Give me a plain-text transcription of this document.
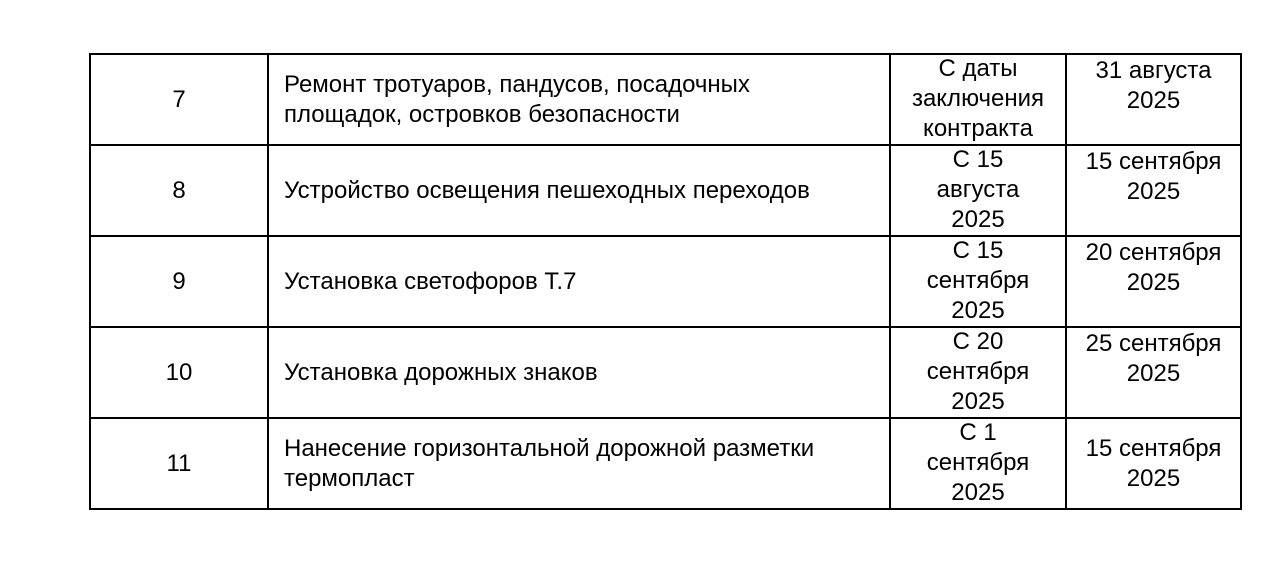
7	Ремонт тротуаров, пандусов, посадочных
площадок, островков безопасности	С даты
заключения
контракта	31 августа
2025

8	Устройство освещения пешеходных переходов	С 15
августа
2025	15 сентября
2025

9	Установка светофоров Т.7	С 15
сентября
2025	20 сентября
2025

10	Установка дорожных знаков	С 20
сентября
2025	25 сентября
2025

11	Нанесение горизонтальной дорожной разметки
термопласт	С 1
сентября
2025	15 сентября
2025
